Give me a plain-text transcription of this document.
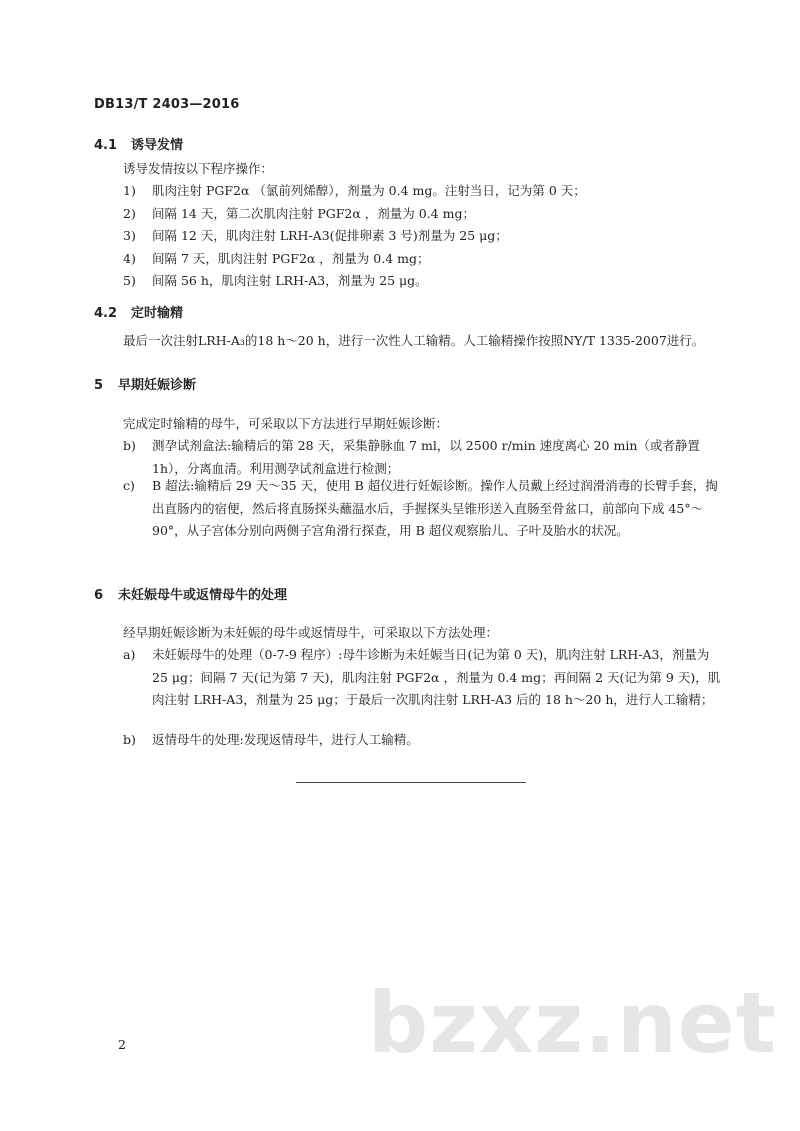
DB13/T 2403—2016
4.1 诱导发情
诱导发情按以下程序操作：
1)	肌肉注射 PGF2α （氯前列烯醇），剂量为 0.4 mg。注射当日，记为第 0 天；
2)	间隔 14 天，第二次肌肉注射 PGF2α ，剂量为 0.4 mg；
3)	间隔 12 天，肌肉注射 LRH-A3(促排卵素 3 号)剂量为 25 μg；
4)	间隔 7 天，肌肉注射 PGF2α ，剂量为 0.4 mg；
5)	间隔 56 h，肌肉注射 LRH-A3，剂量为 25 μg。
4.2 定时输精
最后一次注射LRH-A₃的18 h～20 h，进行一次性人工输精。人工输精操作按照NY/T 1335-2007进行。
5 早期妊娠诊断
完成定时输精的母牛，可采取以下方法进行早期妊娠诊断：
b)	测孕试剂盒法:输精后的第 28 天，采集静脉血 7 ml，以 2500 r/min 速度离心 20 min（或者静置 1h），分离血清。利用测孕试剂盒进行检测；
c)	B 超法:输精后 29 天～35 天，使用 B 超仪进行妊娠诊断。操作人员戴上经过润滑消毒的长臂手套，掏出直肠内的宿便，然后将直肠探头蘸温水后，手握探头呈锥形送入直肠至骨盆口，前部向下成 45°～90°，从子宫体分别向两侧子宫角滑行探查，用 B 超仪观察胎儿、子叶及胎水的状况。
6 未妊娠母牛或返情母牛的处理
经早期妊娠诊断为未妊娠的母牛或返情母牛，可采取以下方法处理：
a)	未妊娠母牛的处理（0-7-9 程序）:母牛诊断为未妊娠当日(记为第 0 天)，肌肉注射 LRH-A3，剂量为 25 μg；间隔 7 天(记为第 7 天)，肌肉注射 PGF2α ，剂量为 0.4 mg；再间隔 2 天(记为第 9 天)，肌肉注射 LRH-A3，剂量为 25 μg；于最后一次肌肉注射 LRH-A3 后的 18 h～20 h，进行人工输精；
b)	返情母牛的处理:发现返情母牛，进行人工输精。
bzxz.net
2
